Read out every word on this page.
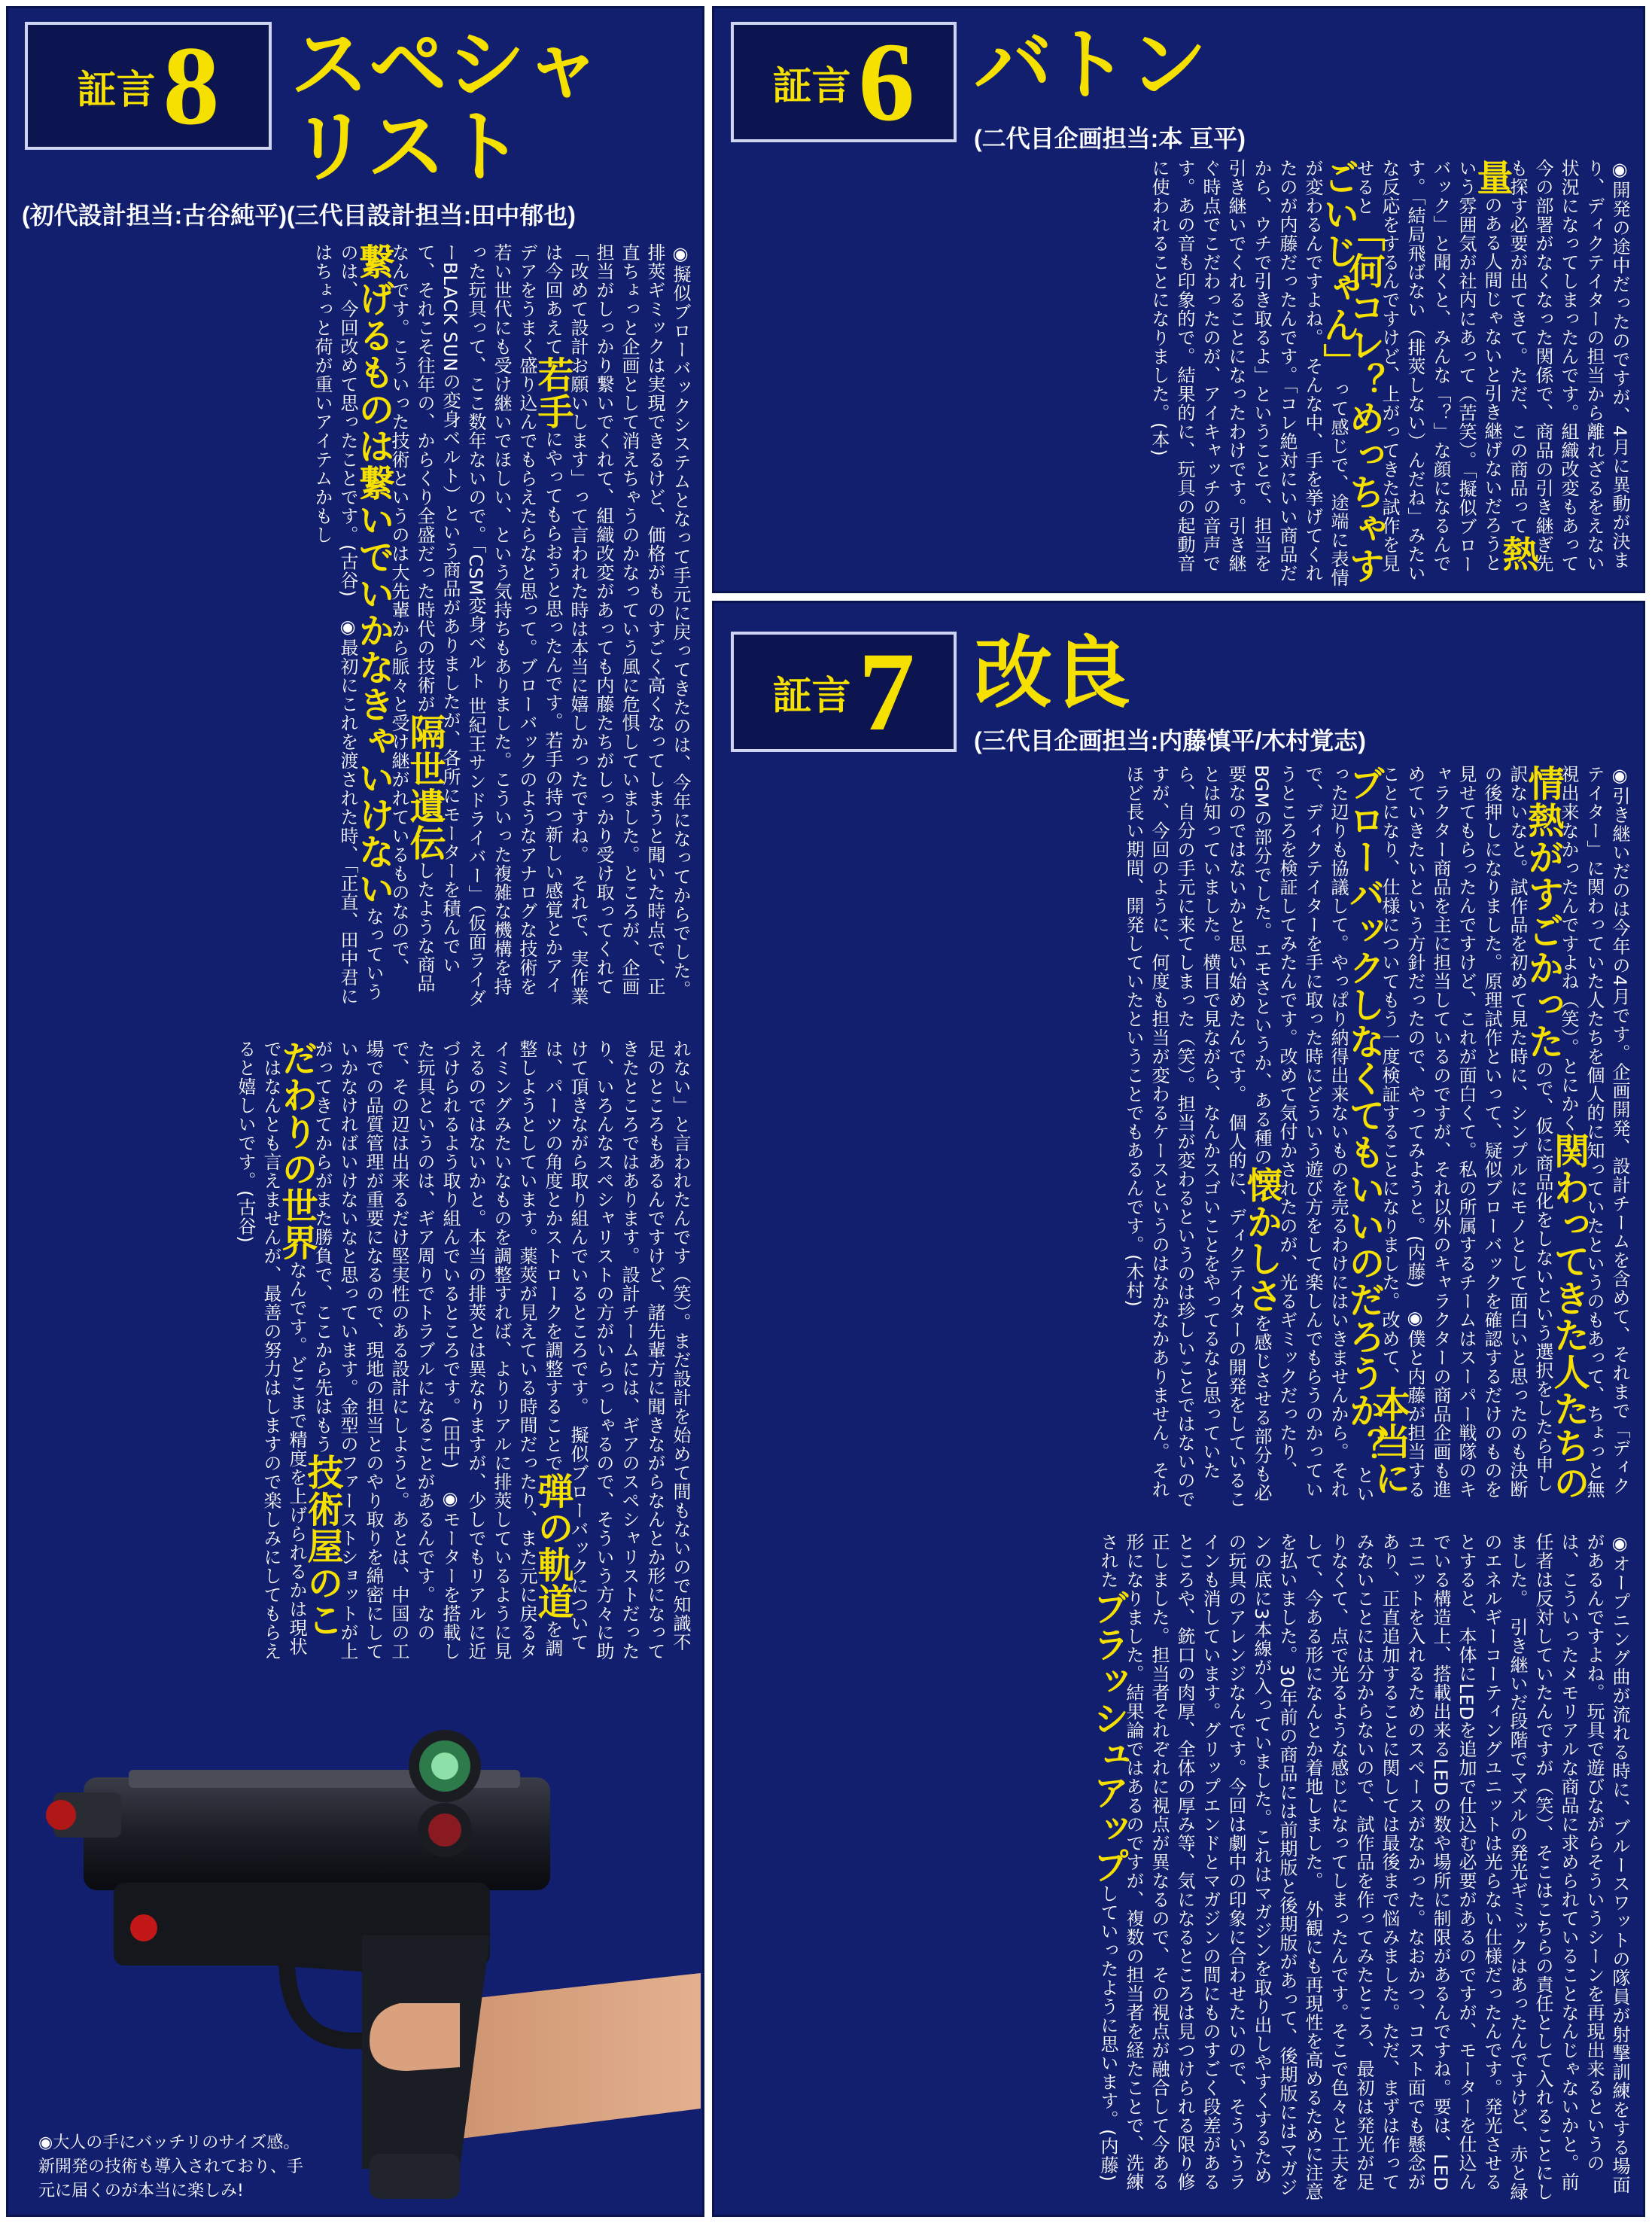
証言 8 スペシャ
リスト
(初代設計担当:古谷純平)(三代目設計担当:田中郁也)
◉擬似ブローバックシステムとなって手元に戻ってきたのは、今年になってからでした。排莢ギミックは実現できるけど、価格がものすごく高くなってしまうと聞いた時点で、正直ちょっと企画として消えちゃうのかなっていう風に危惧していました。ところが、企画担当がしっかり繋いでくれて、組織改変があっても内藤たちがしっかり受け取ってくれて「改めて設計お願いします」って言われた時は本当に嬉しかったですね。　それで、実作業は今回あえて若手にやってもらおうと思ったんです。若手の持つ新しい感覚とかアイデアをうまく盛り込んでもらえたらなと思って。ブローバックのようなアナログな技術を若い世代にも受け継いでほしい、という気持ちもありました。こういった複雑な機構を持った玩具って、ここ数年ないので。「CSM変身ベルト 世紀王サンドライバー」（仮面ライダーBLACK SUNの変身ベルト）という商品がありましたが、各所にモーターを積んでいて、それこそ往年の、からくり全盛だった時代の技術が隔世遺伝したような商品なんです。こういった技術というのは大先輩から脈々と受け継がれているものなので、繋げるものは繋いでいかなきゃいけないなっていうのは、今回改めて思ったことです。(古谷)　◉最初にこれを渡された時、「正直、田中君にはちょっと荷が重いアイテムかもし
れない」と言われたんです（笑）。まだ設計を始めて間もないので知識不足のところもあるんですけど、諸先輩方に聞きながらなんとか形になってきたところではあります。設計チームには、ギアのスペシャリストだったり、いろんなスペシャリストの方がいらっしゃるので、そういう方々に助けて頂きながら取り組んでいるところです。　擬似ブローバックについては、パーツの角度とかストロークを調整することで弾の軌道を調整しようとしています。薬莢が見えている時間だったり、また元に戻るタイミングみたいなものを調整すれば、よりリアルに排莢しているように見えるのではないかと。本当の排莢とは異なりますが、少しでもリアルに近づけられるよう取り組んでいるところです。(田中)　◉モーターを搭載した玩具というのは、ギア周りでトラブルになることがあるんです。なので、その辺は出来るだけ堅実性のある設計にしようと。あとは、中国の工場での品質管理が重要になるので、現地の担当とのやり取りを綿密にしていかなければいけないなと思っています。金型のファーストショットが上がってきてからがまた勝負で、ここから先はもう技術屋のこだわりの世界なんです。どこまで精度を上げられるかは現状ではなんとも言えませんが、最善の努力はしますので楽しみにしてもらえると嬉しいです。(古谷)
◉大人の手にバッチリのサイズ感。
新開発の技術も導入されており、手
元に届くのが本当に楽しみ!
証言 6 バトン
(二代目企画担当:本 亘平)
◉開発の途中だったのですが、4月に異動が決まり、ディクテイターの担当から離れざるをえない状況になってしまったんです。組織改変もあって今の部署がなくなった関係で、商品の引き継ぎ先も探す必要が出てきて。ただ、この商品って熱量のある人間じゃないと引き継げないだろうという雰囲気が社内にあって（苦笑）。「擬似ブローバック」と聞くと、みんな「？」な顔になるんです。「結局飛ばない（排莢しない）んだね」みたいな反応をするんですけど、上がってきた試作を見せると「何コレ？めっちゃすごいじゃん」って感じで、途端に表情が変わるんですよね。　そんな中、手を挙げてくれたのが内藤だったんです。「コレ絶対にいい商品だから、ウチで引き取るよ」ということで、担当を引き継いでくれることになったわけです。引き継ぐ時点でこだわったのが、アイキャッチの音声です。あの音も印象的で。結果的に、玩具の起動音に使われることになりました。(本)
証言 7 改良
(三代目企画担当:内藤慎平/木村覚志)
◉引き継いだのは今年の4月です。企画開発、設計チームを含めて、それまで「ディクテイター」に関わっていた人たちを個人的に知っていたというのもあって、ちょっと無視出来なかったんですよね（笑）。とにかく関わってきた人たちの情熱がすごかったので、仮に商品化をしないという選択をしたら申し訳ないなと。試作品を初めて見た時に、シンプルにモノとして面白いと思ったのも決断の後押しになりました。原理試作といって、疑似ブローバックを確認するだけのものを見せてもらったんですけど、これが面白くて。私の所属するチームはスーパー戦隊のキャラクター商品を主に担当しているのですが、それ以外のキャラクターの商品企画も進めていきたいという方針だったので、やってみようと。(内藤)　◉僕と内藤が担当することになり、仕様についてもう一度検証することになりました。改めて、本当にブローバックしなくてもいいのだろうか？といった辺りも協議して。やっぱり納得出来ないものを売るわけにはいきませんから。それで、ディクテイターを手に取った時にどういう遊び方をして楽しんでもらうのかっていうところを検証してみたんです。改めて気付かされたのが、光るギミックだったり、BGMの部分でした。エモさというか、ある種の懐かしさを感じさせる部分も必要なのではないかと思い始めたんです。　個人的に、ディクテイターの開発をしていることは知っていました。横目で見ながら、なんかスゴいことをやってるなと思っていたら、自分の手元に来てしまった（笑）。担当が変わるというのは珍しいことではないのですが、今回のように、何度も担当が変わるケースというのはなかなかありません。それほど長い期間、開発していたということでもあるんです。(木村)
◉オープニング曲が流れる時に、ブルースワットの隊員が射撃訓練をする場面があるんですよね。玩具で遊びながらそういうシーンを再現出来るというのは、こういったメモリアルな商品に求められていることなんじゃないかと。前任者は反対していたんですが（笑）、そこはこちらの責任として入れることにしました。　引き継いだ段階でマズルの発光ギミックはあったんですけど、赤と緑のエネルギーコーティングユニットは光らない仕様だったんです。発光させるとすると、本体にLEDを追加で仕込む必要があるのですが、モーターを仕込んでいる構造上、搭載出来るLEDの数や場所に制限があるんですね。要は、LEDユニットを入れるためのスペースがなかった。なおかつ、コスト面でも懸念があり、正直追加することに関しては最後まで悩みました。ただ、まずは作ってみないことには分からないので、試作品を作ってみたところ、最初は発光が足りなくて、点で光るような感じになってしまったんです。そこで色々と工夫をして、今ある形になんとか着地しました。　外観にも再現性を高めるために注意を払いました。30年前の商品には前期版と後期版があって、後期版にはマガジンの底に3本線が入っていました。これはマガジンを取り出しやすくするための玩具のアレンジなんです。今回は劇中の印象に合わせたいので、そういうラインも消しています。グリップエンドとマガジンの間にものすごく段差があるところや、銃口の肉厚、全体の厚み等、気になるところは見つけられる限り修正しました。担当者それぞれに視点が異なるので、その視点が融合して今ある形になりました。結果論ではあるのですが、複数の担当者を経たことで、洗練されたブラッシュアップしていったように思います。(内藤)
